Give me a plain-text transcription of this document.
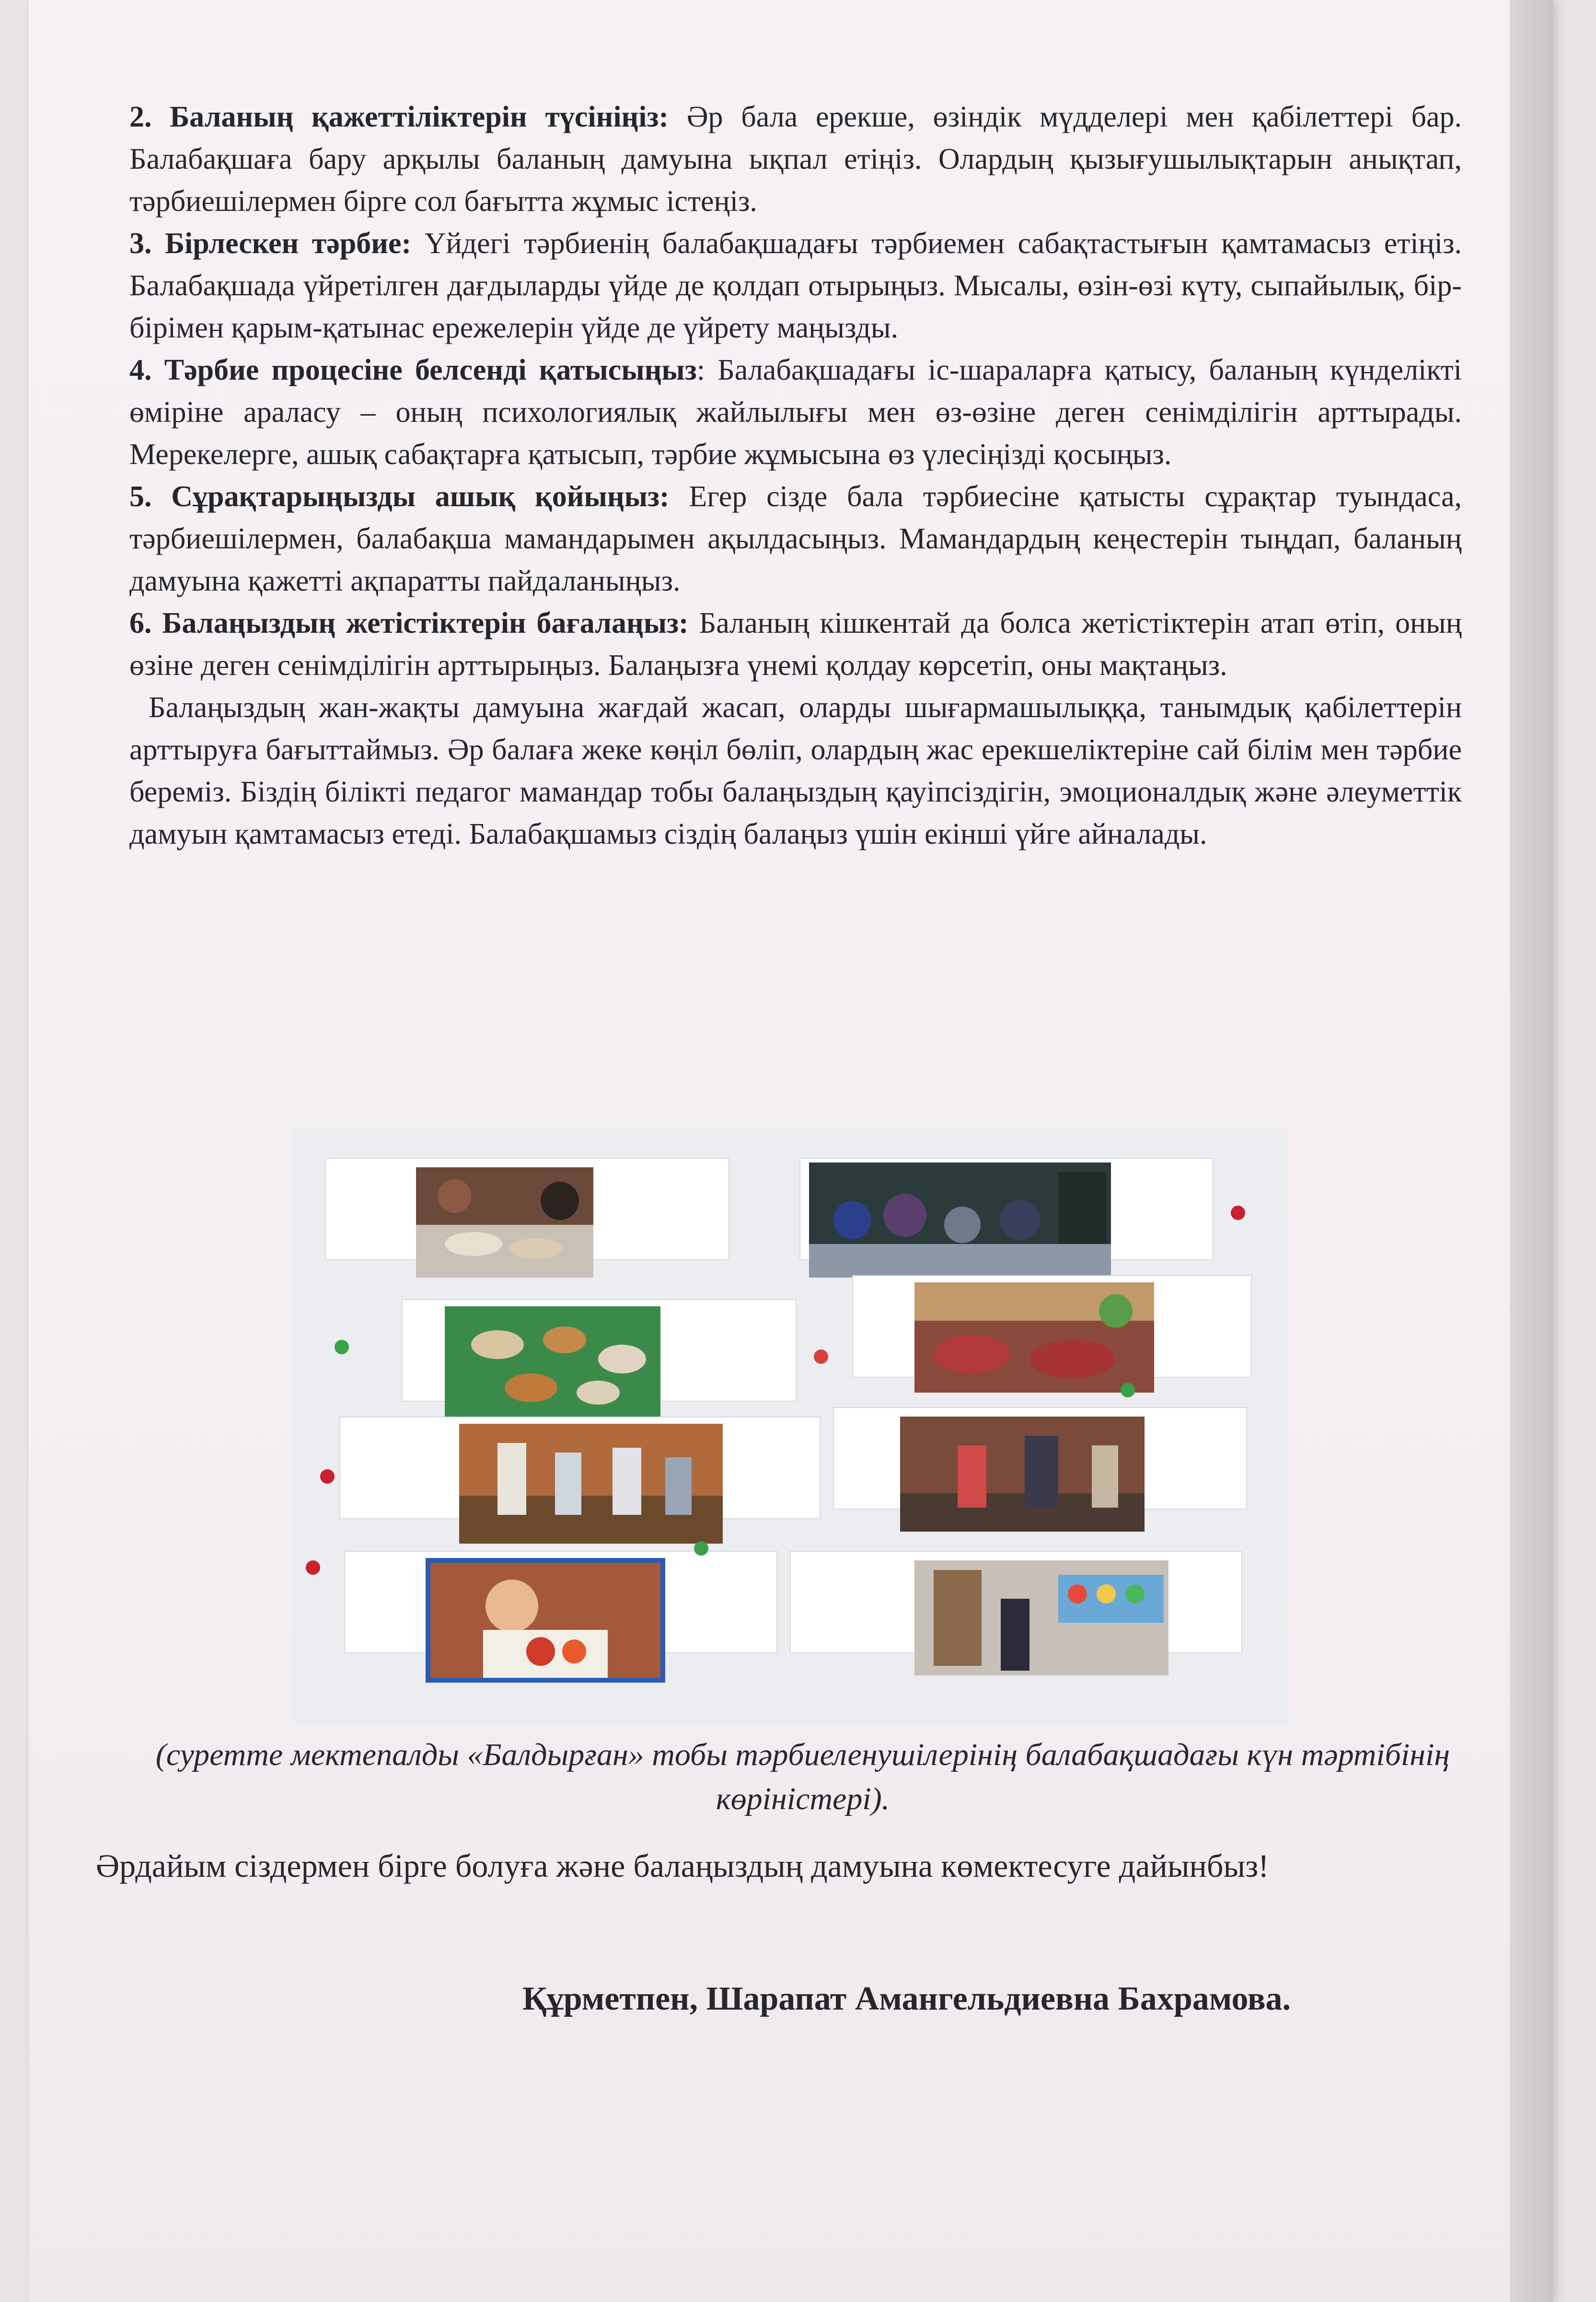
2. Баланың қажеттіліктерін түсініңіз: Әр бала ерекше, өзіндік мүдделері мен қабілеттері бар. Балабақшаға бару арқылы баланың дамуына ықпал етіңіз. Олардың қызығушылықтарын анықтап, тәрбиешілермен бірге сол бағытта жұмыс істеңіз.

3. Бірлескен тәрбие: Үйдегі тәрбиенің балабақшадағы тәрбиемен сабақтастығын қамтамасыз етіңіз. Балабақшада үйретілген дағдыларды үйде де қолдап отырыңыз. Мысалы, өзін-өзі күту, сыпайылық, бір-бірімен қарым-қатынас ережелерін үйде де үйрету маңызды.

4. Тәрбие процесіне белсенді қатысыңыз: Балабақшадағы іс-шараларға қатысу, баланың күнделікті өміріне араласу – оның психологиялық жайлылығы мен өз-өзіне деген сенімділігін арттырады. Мерекелерге, ашық сабақтарға қатысып, тәрбие жұмысына өз үлесіңізді қосыңыз.

5. Сұрақтарыңызды ашық қойыңыз: Егер сізде бала тәрбиесіне қатысты сұрақтар туындаса, тәрбиешілермен, балабақша мамандарымен ақылдасыңыз. Мамандардың кеңестерін тыңдап, баланың дамуына қажетті ақпаратты пайдаланыңыз.

6. Балаңыздың жетістіктерін бағалаңыз: Баланың кішкентай да болса жетістіктерін атап өтіп, оның өзіне деген сенімділігін арттырыңыз. Балаңызға үнемі қолдау көрсетіп, оны мақтаңыз.

Балаңыздың жан-жақты дамуына жағдай жасап, оларды шығармашылыққа, танымдық қабілеттерін арттыруға бағыттаймыз. Әр балаға жеке көңіл бөліп, олардың жас ерекшеліктеріне сай білім мен тәрбие береміз. Біздің білікті педагог мамандар тобы балаңыздың қауіпсіздігін, эмоционалдық және әлеуметтік дамуын қамтамасыз етеді. Балабақшамыз сіздің балаңыз үшін екінші үйге айналады.

(суретте мектепалды «Балдырған» тобы тәрбиеленушілерінің балабақшадағы күн тәртібінің көріністері).
Әрдайым сіздермен бірге болуға және балаңыздың дамуына көмектесуге дайынбыз!
Құрметпен, Шарапат Амангельдиевна Бахрамова.
